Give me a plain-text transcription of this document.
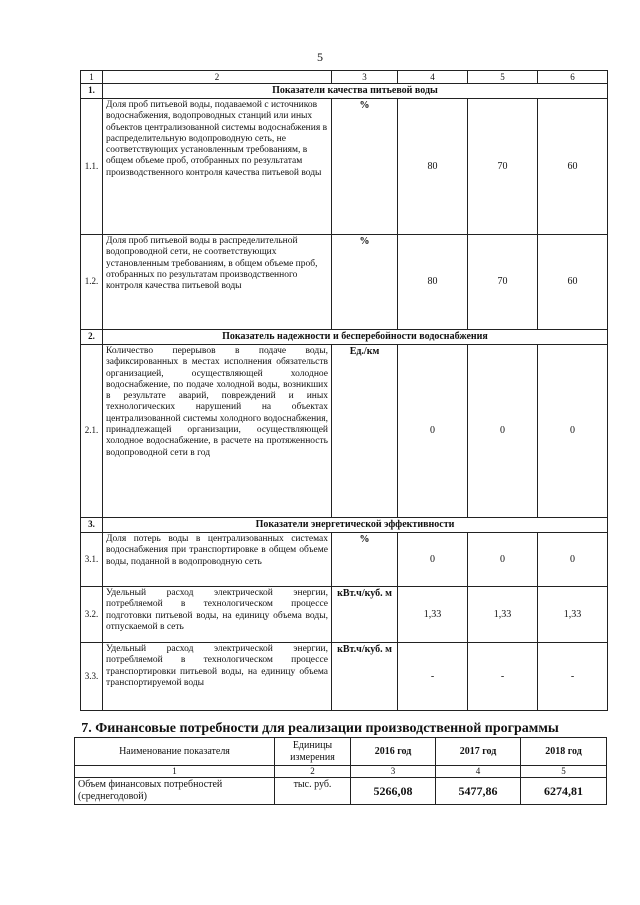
5
1	2	3	4	5	6
1.	Показатели качества питьевой воды				
1.1.	Доля проб питьевой воды, подаваемой с источников водоснабжения, водопроводных станций или иных объектов централизованной системы водоснабжения в распределительную водопроводную сеть, не соответствующих установленным требованиям, в общем объеме проб, отобранных по результатам производственного контроля качества питьевой воды	%	80	70	60
1.2.	Доля проб питьевой воды в распределительной водопроводной сети, не соответствующих установленным требованиям, в общем объеме проб, отобранных по результатам производственного контроля качества питьевой воды	%	80	70	60
2.	Показатель надежности и бесперебойности водоснабжения				
2.1.	Количество перерывов в подаче воды, зафиксированных в местах исполнения обязательств организацией, осуществляющей холодное водоснабжение, по подаче холодной воды, возникших в результате аварий, повреждений и иных технологических нарушений на объектах централизованной системы холодного водоснабжения, принадлежащей организации, осуществляющей холодное водоснабжение, в расчете на протяженность водопроводной сети в год	Ед./км	0	0	0
3.	Показатели энергетической эффективности				
3.1.	Доля потерь воды в централизованных системах водоснабжения при транспортировке в общем объеме воды, поданной в водопроводную сеть	%	0	0	0
3.2.	Удельный расход электрической энергии, потребляемой в технологическом процессе подготовки питьевой воды, на единицу объема воды, отпускаемой в сеть	кВт.ч/куб. м	1,33	1,33	1,33
3.3.	Удельный расход электрической энергии, потребляемой в технологическом процессе транспортировки питьевой воды, на единицу объема транспортируемой воды	кВт.ч/куб. м	-	-	-
7. Финансовые потребности для реализации производственной программы
Наименование показателя	Единицы измерения	2016 год	2017 год	2018 год
1	2	3	4	5
Объем финансовых потребностей (среднегодовой)	тыс. руб.	5266,08	5477,86	6274,81
